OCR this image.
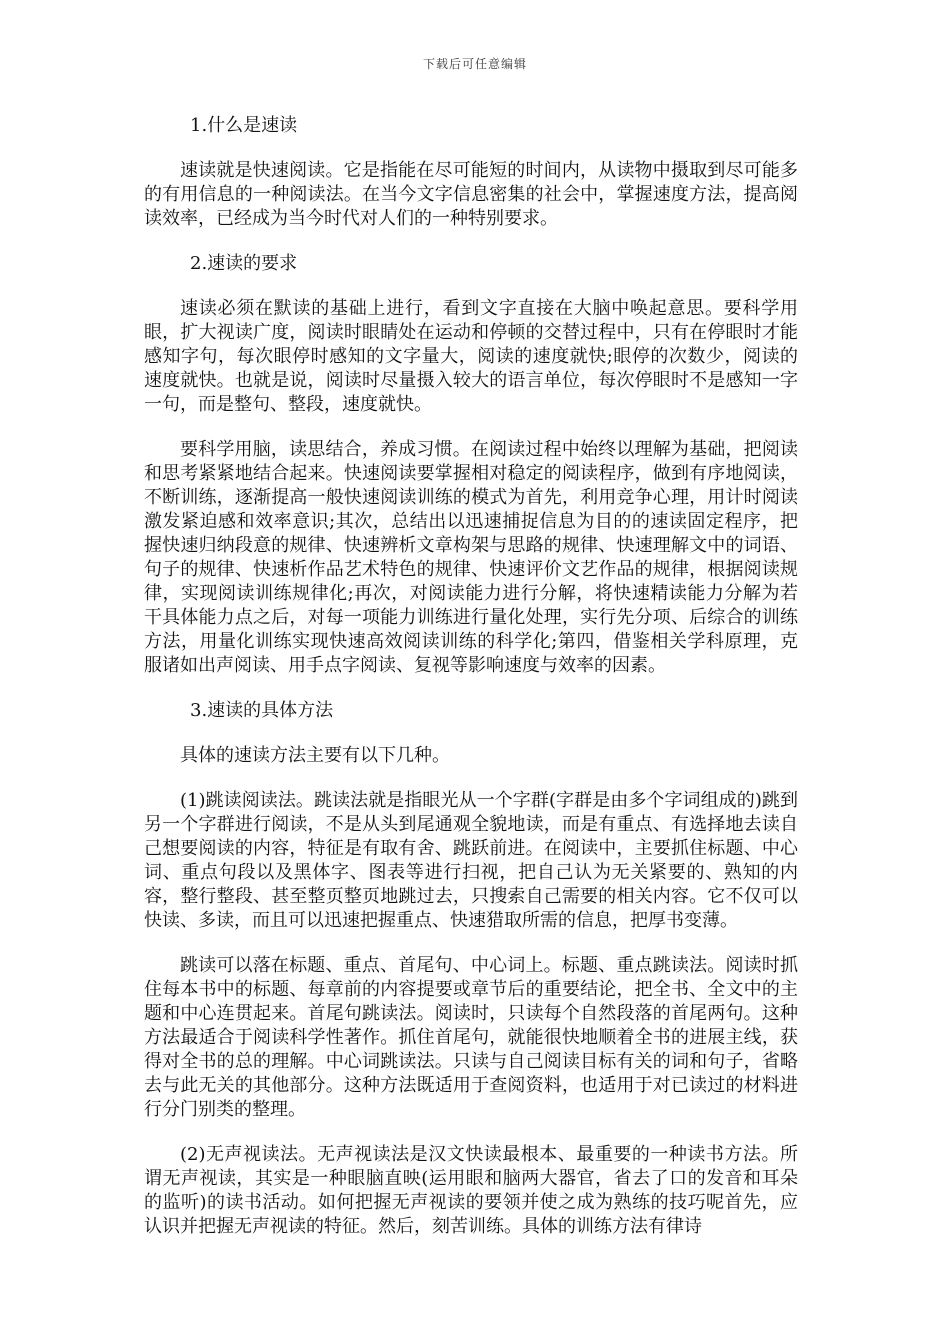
下载后可任意编辑

1.什么是速读

速读就是快速阅读。它是指能在尽可能短的时间内，从读物中摄取到尽可能多的有用信息的一种阅读法。在当今文字信息密集的社会中，掌握速度方法，提高阅读效率，已经成为当今时代对人们的一种特别要求。

2.速读的要求

速读必须在默读的基础上进行，看到文字直接在大脑中唤起意思。要科学用眼，扩大视读广度，阅读时眼睛处在运动和停顿的交替过程中，只有在停眼时才能感知字句，每次眼停时感知的文字量大，阅读的速度就快;眼停的次数少，阅读的速度就快。也就是说，阅读时尽量摄入较大的语言单位，每次停眼时不是感知一字一句，而是整句、整段，速度就快。

要科学用脑，读思结合，养成习惯。在阅读过程中始终以理解为基础，把阅读和思考紧紧地结合起来。快速阅读要掌握相对稳定的阅读程序，做到有序地阅读，不断训练，逐渐提高一般快速阅读训练的模式为首先，利用竞争心理，用计时阅读激发紧迫感和效率意识;其次，总结出以迅速捕捉信息为目的的速读固定程序，把握快速归纳段意的规律、快速辨析文章构架与思路的规律、快速理解文中的词语、句子的规律、快速析作品艺术特色的规律、快速评价文艺作品的规律，根据阅读规律，实现阅读训练规律化;再次，对阅读能力进行分解，将快速精读能力分解为若干具体能力点之后，对每一项能力训练进行量化处理，实行先分项、后综合的训练方法，用量化训练实现快速高效阅读训练的科学化;第四，借鉴相关学科原理，克服诸如出声阅读、用手点字阅读、复视等影响速度与效率的因素。

3.速读的具体方法

具体的速读方法主要有以下几种。

(1)跳读阅读法。跳读法就是指眼光从一个字群(字群是由多个字词组成的)跳到另一个字群进行阅读，不是从头到尾通观全貌地读，而是有重点、有选择地去读自己想要阅读的内容，特征是有取有舍、跳跃前进。在阅读中，主要抓住标题、中心词、重点句段以及黑体字、图表等进行扫视，把自己认为无关紧要的、熟知的内容，整行整段、甚至整页整页地跳过去，只搜索自己需要的相关内容。它不仅可以快读、多读，而且可以迅速把握重点、快速猎取所需的信息，把厚书变薄。

跳读可以落在标题、重点、首尾句、中心词上。标题、重点跳读法。阅读时抓住每本书中的标题、每章前的内容提要或章节后的重要结论，把全书、全文中的主题和中心连贯起来。首尾句跳读法。阅读时，只读每个自然段落的首尾两句。这种方法最适合于阅读科学性著作。抓住首尾句，就能很快地顺着全书的进展主线，获得对全书的总的理解。中心词跳读法。只读与自己阅读目标有关的词和句子，省略去与此无关的其他部分。这种方法既适用于查阅资料，也适用于对已读过的材料进行分门别类的整理。

(2)无声视读法。无声视读法是汉文快读最根本、最重要的一种读书方法。所谓无声视读，其实是一种眼脑直映(运用眼和脑两大器官，省去了口的发音和耳朵的监听)的读书活动。如何把握无声视读的要领并使之成为熟练的技巧呢首先，应认识并把握无声视读的特征。然后，刻苦训练。具体的训练方法有律诗
